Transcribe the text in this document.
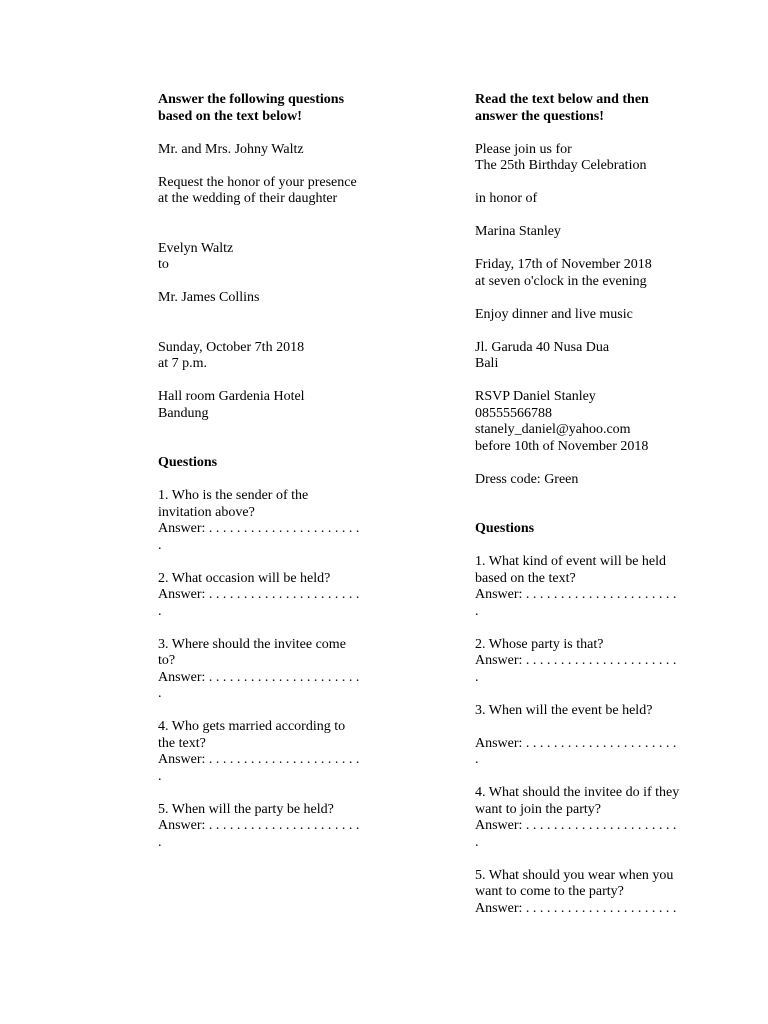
Answer the following questions based on the text below!

Mr. and Mrs. Johny Waltz

Request the honor of your presence
at the wedding of their daughter

Evelyn Waltz
to

Mr. James Collins

Sunday, October 7th 2018
at 7 p.m.

Hall room Gardenia Hotel
Bandung

Questions

1. Who is the sender of the invitation above?
Answer: . . . . . . . . . . . . . . . . . . . . . . .
2. What occasion will be held?
Answer: . . . . . . . . . . . . . . . . . . . . . . .
3. Where should the invitee come to?
Answer: . . . . . . . . . . . . . . . . . . . . . . .
4. Who gets married according to the text?
Answer: . . . . . . . . . . . . . . . . . . . . . . .
5. When will the party be held?
Answer: . . . . . . . . . . . . . . . . . . . . . . .

Read the text below and then answer the questions!

Please join us for
The 25th Birthday Celebration

in honor of

Marina Stanley

Friday, 17th of November 2018
at seven o'clock in the evening

Enjoy dinner and live music

Jl. Garuda 40 Nusa Dua
Bali

RSVP Daniel Stanley
08555566788
stanely_daniel@yahoo.com
before 10th of November 2018

Dress code: Green

Questions

1. What kind of event will be held based on the text?
Answer: . . . . . . . . . . . . . . . . . . . . . . .
2. Whose party is that?
Answer: . . . . . . . . . . . . . . . . . . . . . . .
3. When will the event be held?
Answer: . . . . . . . . . . . . . . . . . . . . . . .
4. What should the invitee do if they want to join the party?
Answer: . . . . . . . . . . . . . . . . . . . . . . .
5. What should you wear when you want to come to the party?
Answer: . . . . . . . . . . . . . . . . . . . . . .
